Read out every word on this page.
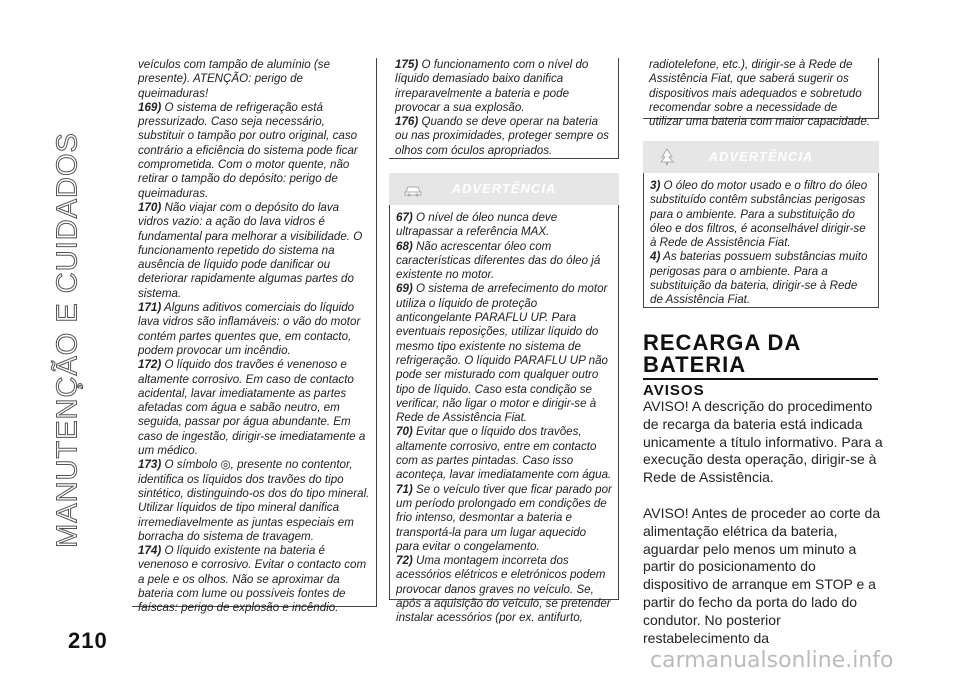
MANUTENÇÃO E CUIDADOS
210

veículos com tampão de alumínio (se presente). ATENÇÃO: perigo de queimaduras!

169) O sistema de refrigeração está pressurizado. Caso seja necessário, substituir o tampão por outro original, caso contrário a eficiência do sistema pode ficar comprometida. Com o motor quente, não retirar o tampão do depósito: perigo de queimaduras.

170) Não viajar com o depósito do lava vidros vazio: a ação do lava vidros é fundamental para melhorar a visibilidade. O funcionamento repetido do sistema na ausência de líquido pode danificar ou deteriorar rapidamente algumas partes do sistema.

171) Alguns aditivos comerciais do líquido lava vidros são inflamáveis: o vão do motor contém partes quentes que, em contacto, podem provocar um incêndio.

172) O líquido dos travões é venenoso e altamente corrosivo. Em caso de contacto acidental, lavar imediatamente as partes afetadas com água e sabão neutro, em seguida, passar por água abundante. Em caso de ingestão, dirigir-se imediatamente a um médico.

173) O símbolo ◎, presente no contentor, identifica os líquidos dos travões do tipo sintético, distinguindo-os dos do tipo mineral. Utilizar líquidos de tipo mineral danifica irremediavelmente as juntas especiais em borracha do sistema de travagem.

174) O líquido existente na bateria é venenoso e corrosivo. Evitar o contacto com a pele e os olhos. Não se aproximar da bateria com lume ou possíveis fontes de faíscas: perigo de explosão e incêndio.

175) O funcionamento com o nível do líquido demasiado baixo danifica irreparavelmente a bateria e pode provocar a sua explosão.

176) Quando se deve operar na bateria ou nas proximidades, proteger sempre os olhos com óculos apropriados.

ADVERTÊNCIA

67) O nível de óleo nunca deve ultrapassar a referência MAX.

68) Não acrescentar óleo com características diferentes das do óleo já existente no motor.

69) O sistema de arrefecimento do motor utiliza o líquido de proteção anticongelante PARAFLU UP. Para eventuais reposições, utilizar líquido do mesmo tipo existente no sistema de refrigeração. O líquido PARAFLU UP não pode ser misturado com qualquer outro tipo de líquido. Caso esta condição se verificar, não ligar o motor e dirigir-se à Rede de Assistência Fiat.

70) Evitar que o líquido dos travões, altamente corrosivo, entre em contacto com as partes pintadas. Caso isso aconteça, lavar imediatamente com água.

71) Se o veículo tiver que ficar parado por um período prolongado em condições de frio intenso, desmontar a bateria e transportá-la para um lugar aquecido para evitar o congelamento.

72) Uma montagem incorreta dos acessórios elétricos e eletrónicos podem provocar danos graves no veículo. Se, após a aquisição do veículo, se pretender instalar acessórios (por ex. antifurto,

radiotelefone, etc.), dirigir-se à Rede de Assistência Fiat, que saberá sugerir os dispositivos mais adequados e sobretudo recomendar sobre a necessidade de utilizar uma bateria com maior capacidade.

ADVERTÊNCIA

3) O óleo do motor usado e o filtro do óleo substituído contêm substâncias perigosas para o ambiente. Para a substituição do óleo e dos filtros, é aconselhável dirigir-se à Rede de Assistência Fiat.

4) As baterias possuem substâncias muito perigosas para o ambiente. Para a substituição da bateria, dirigir-se à Rede de Assistência Fiat.

RECARGA DA BATERIA
AVISOS

AVISO! A descrição do procedimento de recarga da bateria está indicada unicamente a título informativo. Para a execução desta operação, dirigir-se à Rede de Assistência.

AVISO! Antes de proceder ao corte da alimentação elétrica da bateria, aguardar pelo menos um minuto a partir do posicionamento do dispositivo de arranque em STOP e a partir do fecho da porta do lado do condutor. No posterior restabelecimento da

carmanualsonline.info
